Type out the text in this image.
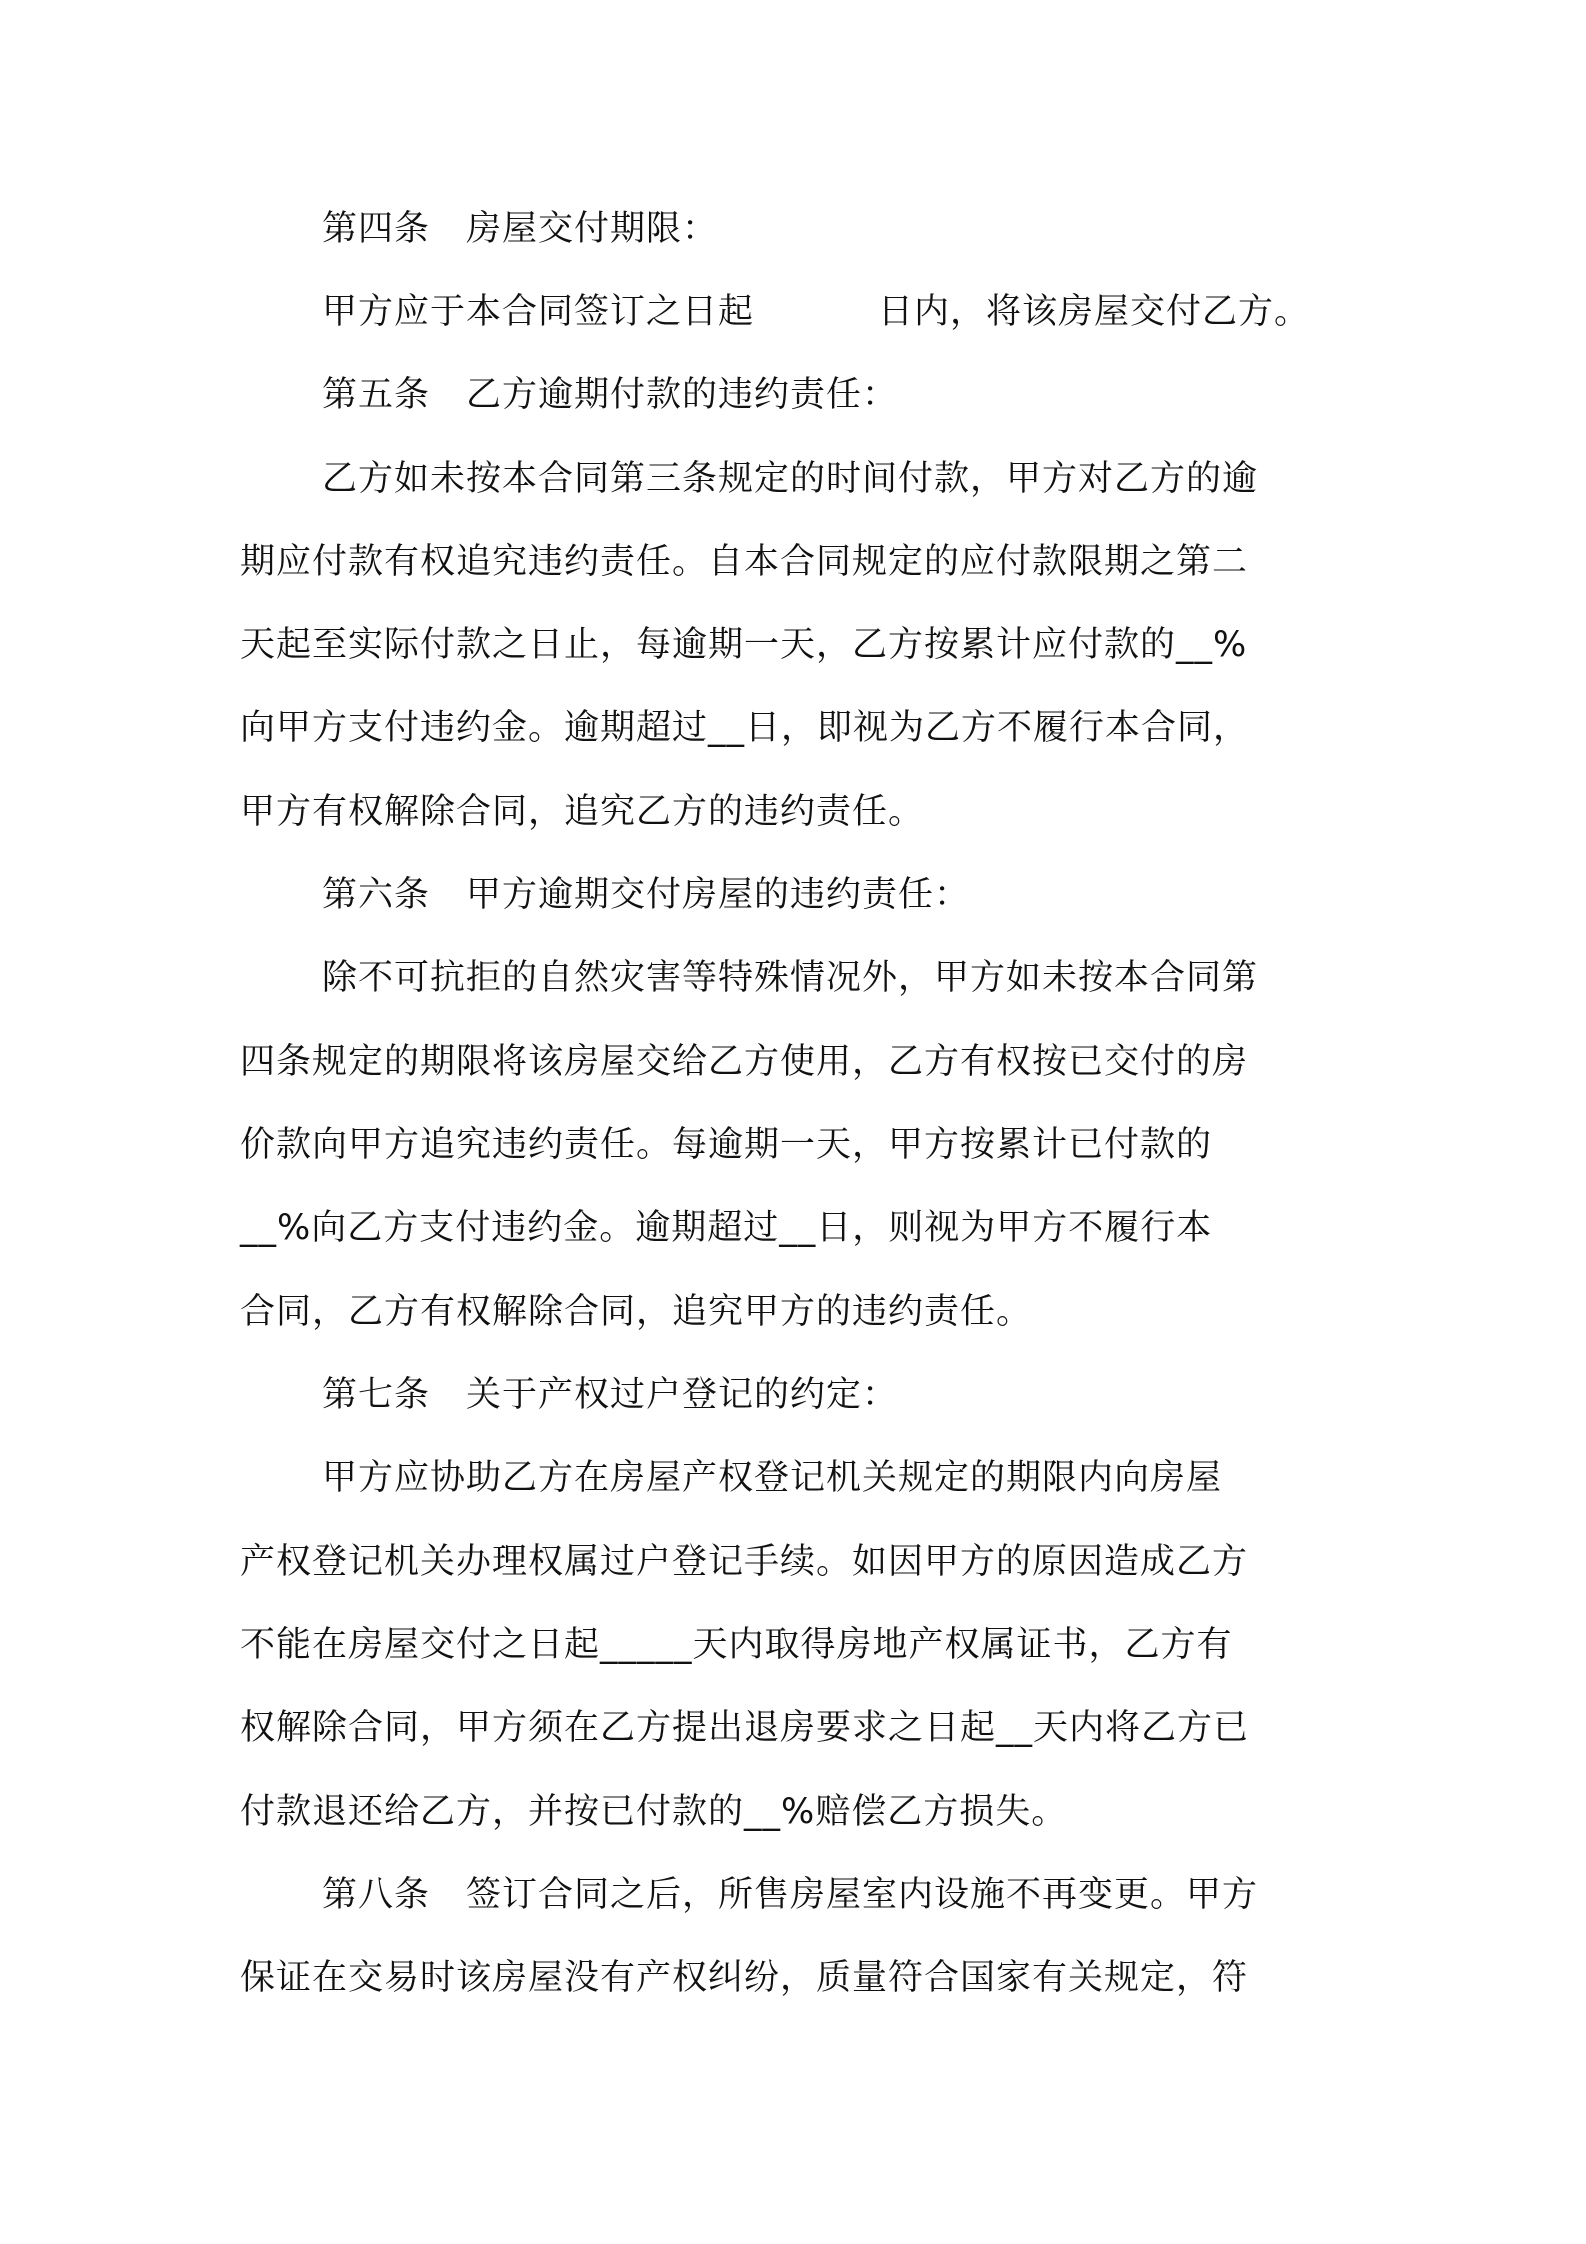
第四条　房屋交付期限：
甲方应于本合同签订之日起	日内，将该房屋交付乙方。
第五条　乙方逾期付款的违约责任：
乙方如未按本合同第三条规定的时间付款，甲方对乙方的逾
期应付款有权追究违约责任。自本合同规定的应付款限期之第二
天起至实际付款之日止，每逾期一天，乙方按累计应付款的__%
向甲方支付违约金。逾期超过__日，即视为乙方不履行本合同，
甲方有权解除合同，追究乙方的违约责任。
第六条　甲方逾期交付房屋的违约责任：
除不可抗拒的自然灾害等特殊情况外，甲方如未按本合同第
四条规定的期限将该房屋交给乙方使用，乙方有权按已交付的房
价款向甲方追究违约责任。每逾期一天，甲方按累计已付款的
__%向乙方支付违约金。逾期超过__日，则视为甲方不履行本
合同，乙方有权解除合同，追究甲方的违约责任。
第七条　关于产权过户登记的约定：
甲方应协助乙方在房屋产权登记机关规定的期限内向房屋
产权登记机关办理权属过户登记手续。如因甲方的原因造成乙方
不能在房屋交付之日起_____天内取得房地产权属证书，乙方有
权解除合同，甲方须在乙方提出退房要求之日起__天内将乙方已
付款退还给乙方，并按已付款的__%赔偿乙方损失。
第八条　签订合同之后，所售房屋室内设施不再变更。甲方
保证在交易时该房屋没有产权纠纷，质量符合国家有关规定，符
